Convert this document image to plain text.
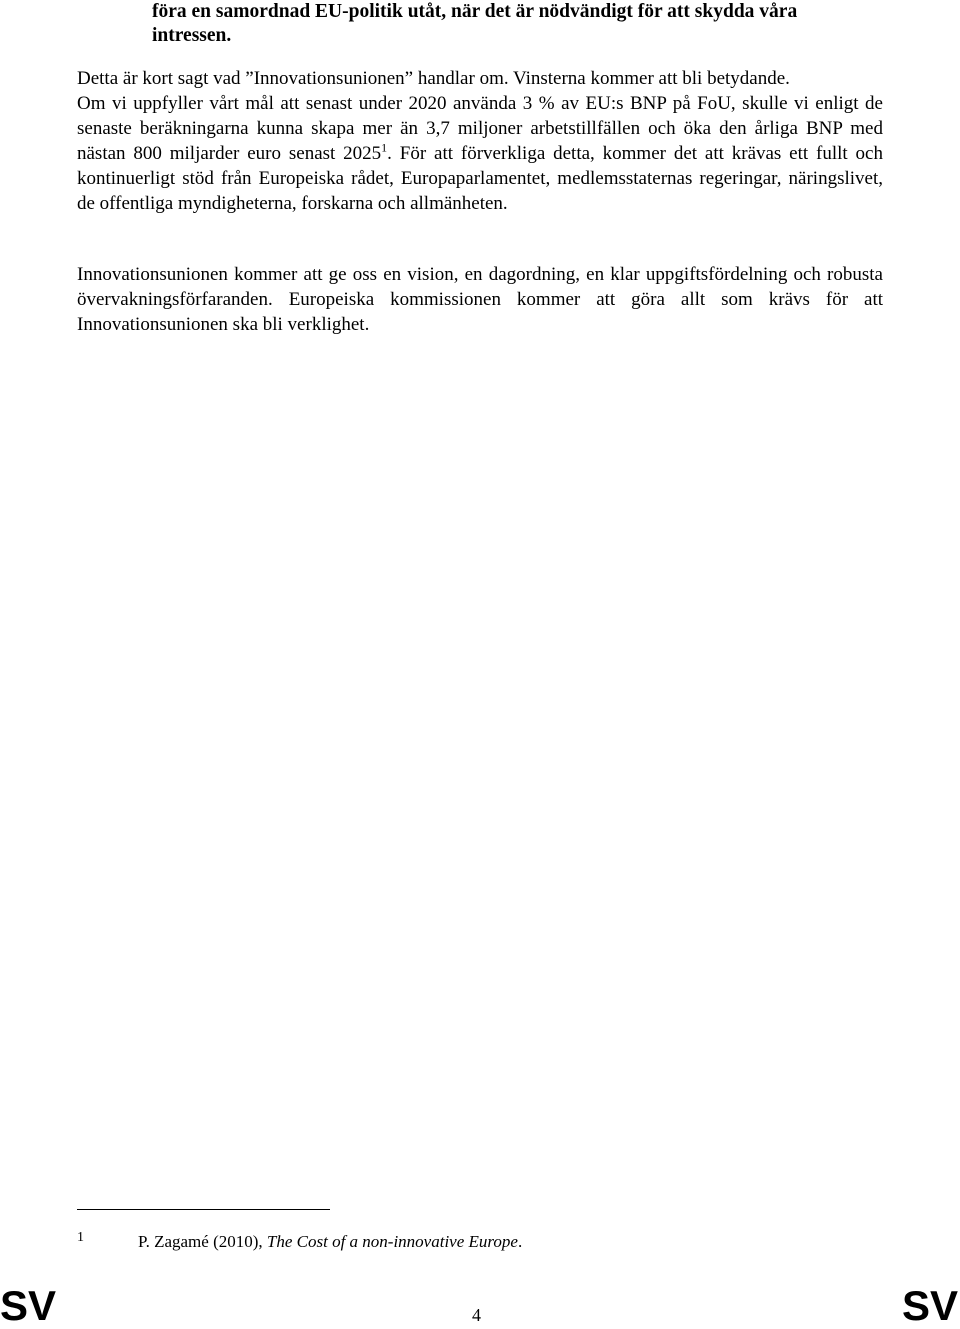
föra en samordnad EU-politik utåt, när det är nödvändigt för att skydda våra
intressen.

Detta är kort sagt vad ”Innovationsunionen” handlar om. Vinsterna kommer att bli betydande.
Om vi uppfyller vårt mål att senast under 2020 använda 3 % av EU:s BNP på FoU, skulle vi enligt de senaste beräkningarna kunna skapa mer än 3,7 miljoner arbetstillfällen och öka den årliga BNP med nästan 800 miljarder euro senast 2025$^1$. För att förverkliga detta, kommer det att krävas ett fullt och kontinuerligt stöd från Europeiska rådet, Europaparlamentet, medlemsstaternas regeringar, näringslivet, de offentliga myndigheterna, forskarna och allmänheten.

Innovationsunionen kommer att ge oss en vision, en dagordning, en klar uppgiftsfördelning och robusta övervakningsförfaranden. Europeiska kommissionen kommer att göra allt som krävs för att Innovationsunionen ska bli verklighet.

1	P. Zagamé (2010), The Cost of a non-innovative Europe.
SV	4	SV
